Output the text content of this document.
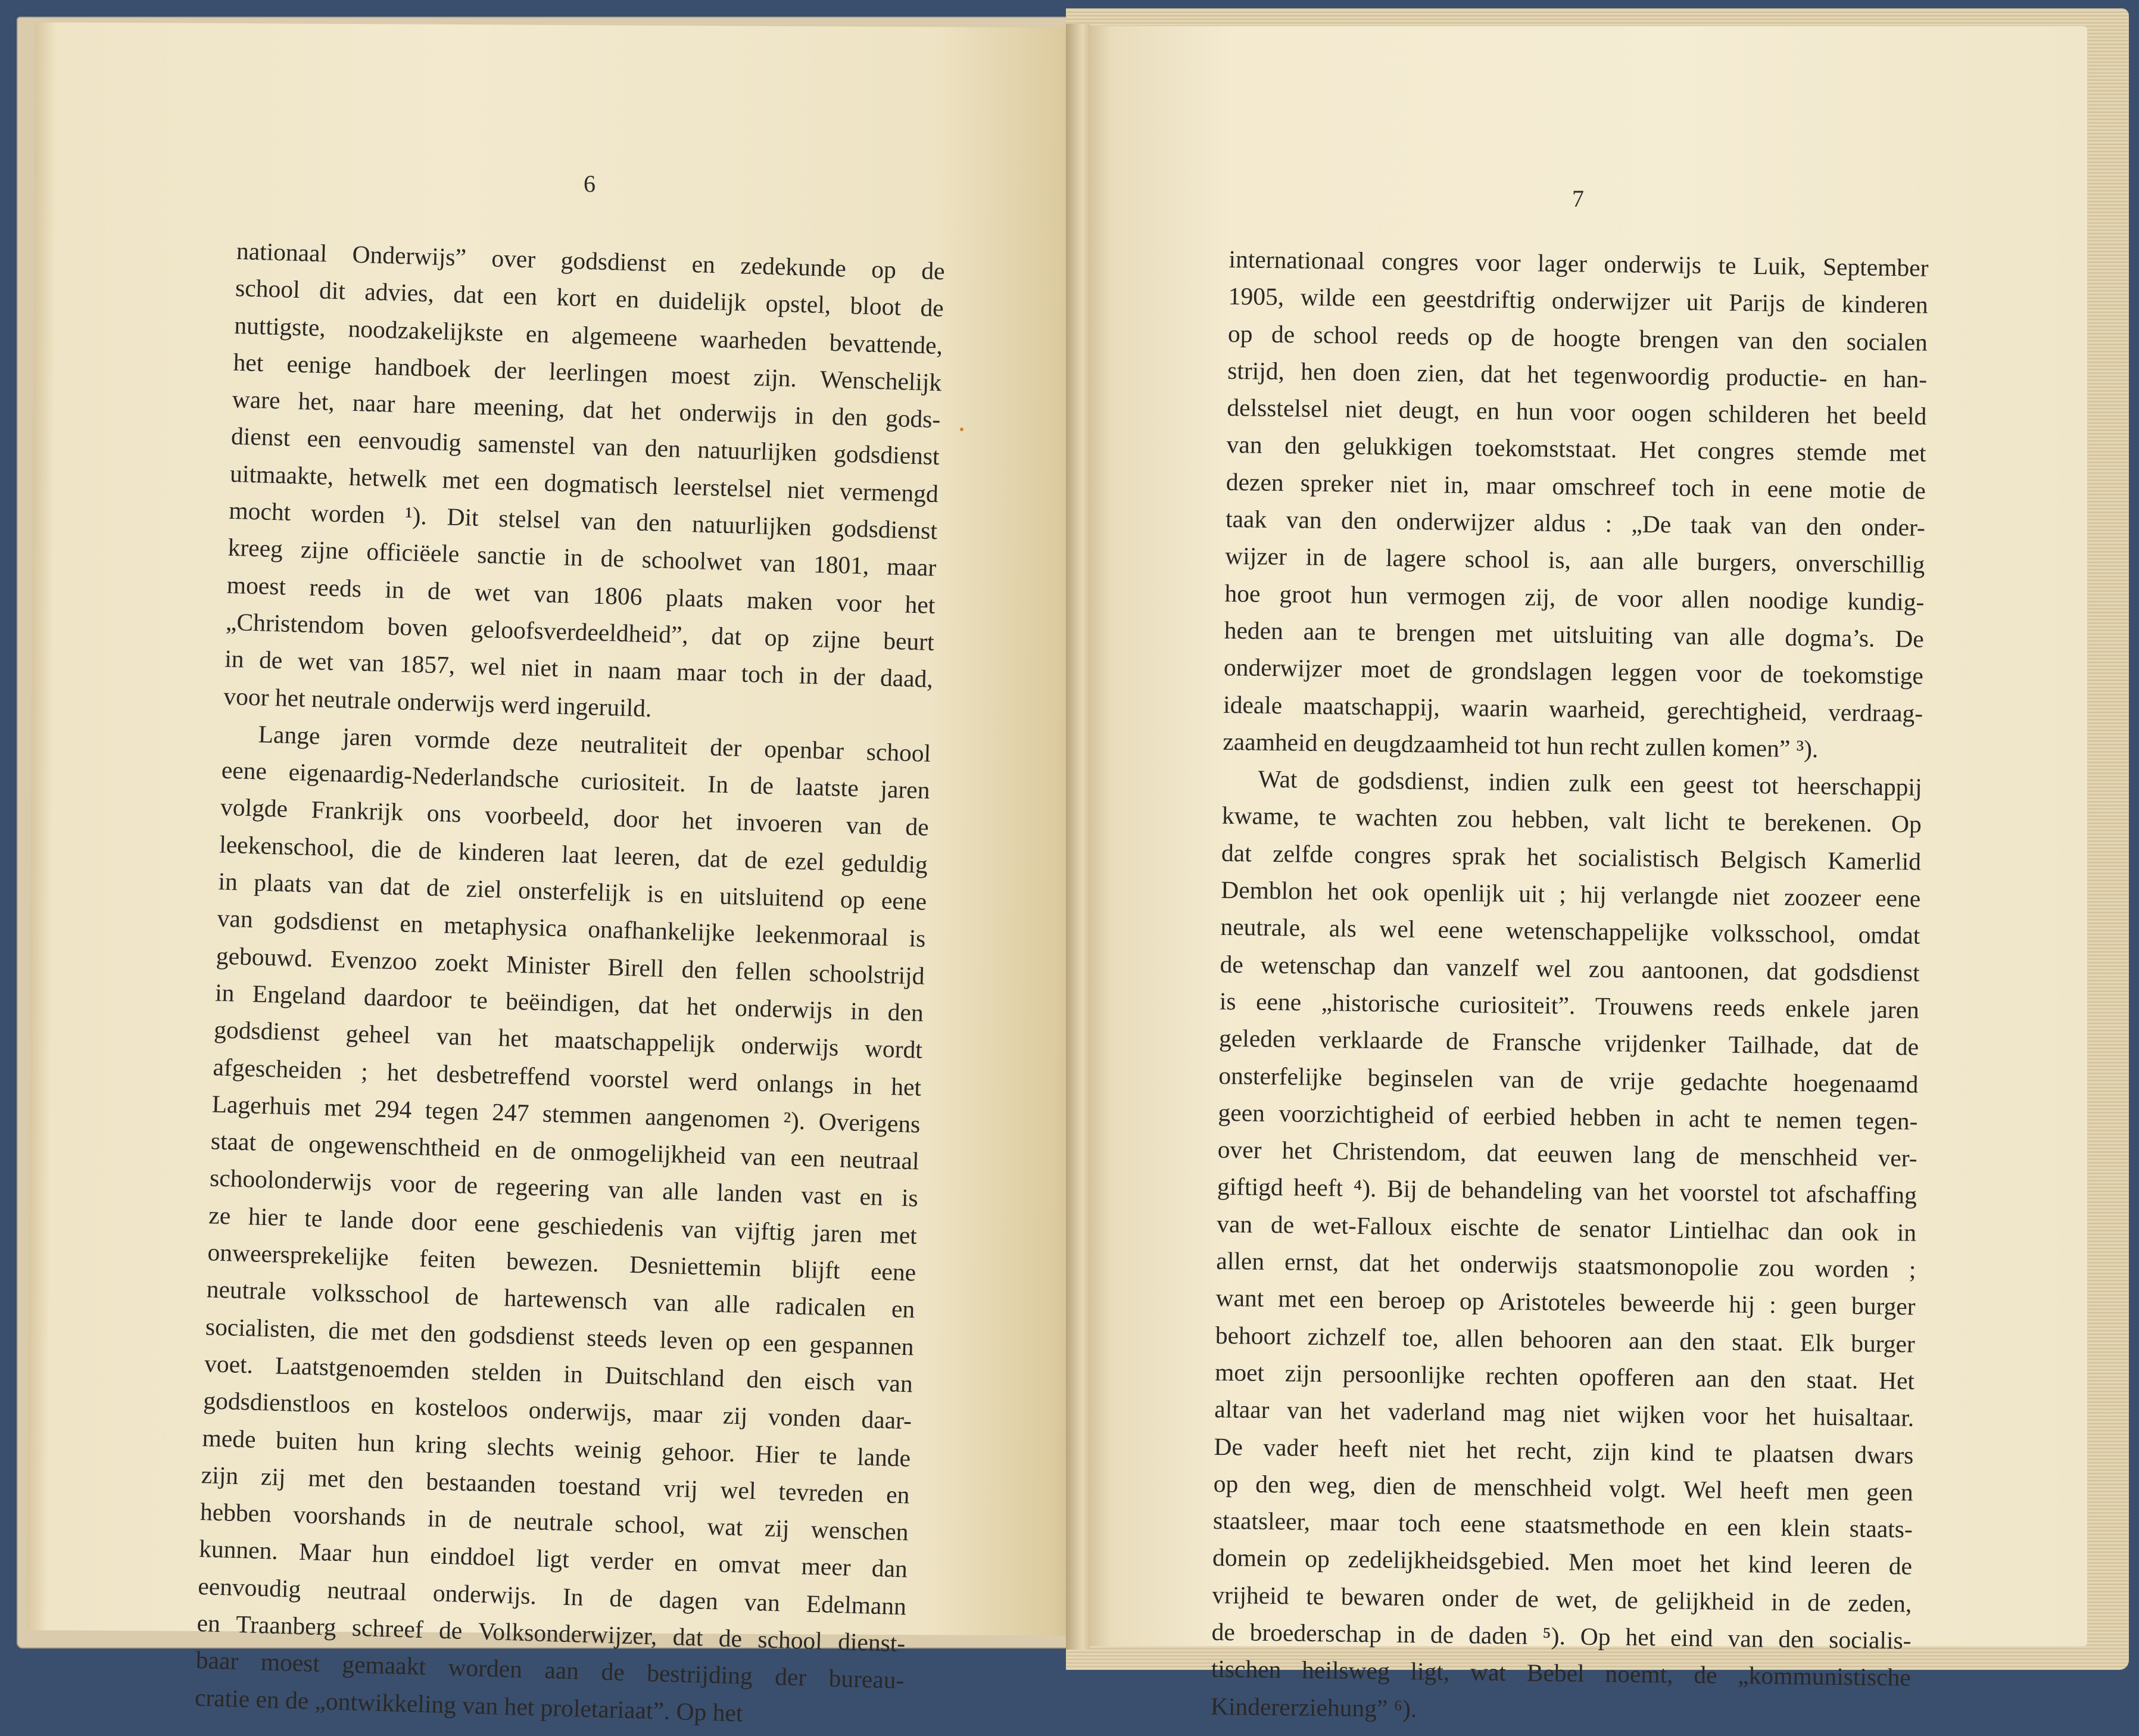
6
7
nationaal Onderwijs” over godsdienst en zedekunde op de
school dit advies, dat een kort en duidelijk opstel, bloot de
nuttigste, noodzakelijkste en algemeene waarheden bevattende,
het eenige handboek der leerlingen moest zijn. Wenschelijk
ware het, naar hare meening, dat het onderwijs in den gods-
dienst een eenvoudig samenstel van den natuurlijken godsdienst
uitmaakte, hetwelk met een dogmatisch leerstelsel niet vermengd
mocht worden ¹). Dit stelsel van den natuurlijken godsdienst
kreeg zijne officiëele sanctie in de schoolwet van 1801, maar
moest reeds in de wet van 1806 plaats maken voor het
„Christendom boven geloofsverdeeldheid”, dat op zijne beurt
in de wet van 1857, wel niet in naam maar toch in der daad,
voor het neutrale onderwijs werd ingeruild.
Lange jaren vormde deze neutraliteit der openbar school
eene eigenaardig-Nederlandsche curiositeit. In de laatste jaren
volgde Frankrijk ons voorbeeld, door het invoeren van de
leekenschool, die de kinderen laat leeren, dat de ezel geduldig
in plaats van dat de ziel onsterfelijk is en uitsluitend op eene
van godsdienst en metaphysica onafhankelijke leekenmoraal is
gebouwd. Evenzoo zoekt Minister Birell den fellen schoolstrijd
in Engeland daardoor te beëindigen, dat het onderwijs in den
godsdienst geheel van het maatschappelijk onderwijs wordt
afgescheiden ; het desbetreffend voorstel werd onlangs in het
Lagerhuis met 294 tegen 247 stemmen aangenomen ²). Overigens
staat de ongewenschtheid en de onmogelijkheid van een neutraal
schoolonderwijs voor de regeering van alle landen vast en is
ze hier te lande door eene geschiedenis van vijftig jaren met
onweersprekelijke feiten bewezen. Desniettemin blijft eene
neutrale volksschool de hartewensch van alle radicalen en
socialisten, die met den godsdienst steeds leven op een gespannen
voet. Laatstgenoemden stelden in Duitschland den eisch van
godsdienstloos en kosteloos onderwijs, maar zij vonden daar-
mede buiten hun kring slechts weinig gehoor. Hier te lande
zijn zij met den bestaanden toestand vrij wel tevreden en
hebben voorshands in de neutrale school, wat zij wenschen
kunnen. Maar hun einddoel ligt verder en omvat meer dan
eenvoudig neutraal onderwijs. In de dagen van Edelmann
en Traanberg schreef de Volksonderwijzer, dat de school dienst-
baar moest gemaakt worden aan de bestrijding der bureau-
cratie en de „ontwikkeling van het proletariaat”. Op het
internationaal congres voor lager onderwijs te Luik, September
1905, wilde een geestdriftig onderwijzer uit Parijs de kinderen
op de school reeds op de hoogte brengen van den socialen
strijd, hen doen zien, dat het tegenwoordig productie- en han-
delsstelsel niet deugt, en hun voor oogen schilderen het beeld
van den gelukkigen toekomststaat. Het congres stemde met
dezen spreker niet in, maar omschreef toch in eene motie de
taak van den onderwijzer aldus : „De taak van den onder-
wijzer in de lagere school is, aan alle burgers, onverschillig
hoe groot hun vermogen zij, de voor allen noodige kundig-
heden aan te brengen met uitsluiting van alle dogma’s. De
onderwijzer moet de grondslagen leggen voor de toekomstige
ideale maatschappij, waarin waarheid, gerechtigheid, verdraag-
zaamheid en deugdzaamheid tot hun recht zullen komen” ³).
Wat de godsdienst, indien zulk een geest tot heerschappij
kwame, te wachten zou hebben, valt licht te berekenen. Op
dat zelfde congres sprak het socialistisch Belgisch Kamerlid
Demblon het ook openlijk uit ; hij verlangde niet zoozeer eene
neutrale, als wel eene wetenschappelijke volksschool, omdat
de wetenschap dan vanzelf wel zou aantoonen, dat godsdienst
is eene „historische curiositeit”. Trouwens reeds enkele jaren
geleden verklaarde de Fransche vrijdenker Tailhade, dat de
onsterfelijke beginselen van de vrije gedachte hoegenaamd
geen voorzichtigheid of eerbied hebben in acht te nemen tegen-
over het Christendom, dat eeuwen lang de menschheid ver-
giftigd heeft ⁴). Bij de behandeling van het voorstel tot afschaffing
van de wet-Falloux eischte de senator Lintielhac dan ook in
allen ernst, dat het onderwijs staatsmonopolie zou worden ;
want met een beroep op Aristoteles beweerde hij : geen burger
behoort zichzelf toe, allen behooren aan den staat. Elk burger
moet zijn persoonlijke rechten opofferen aan den staat. Het
altaar van het vaderland mag niet wijken voor het huisaltaar.
De vader heeft niet het recht, zijn kind te plaatsen dwars
op den weg, dien de menschheid volgt. Wel heeft men geen
staatsleer, maar toch eene staatsmethode en een klein staats-
domein op zedelijkheidsgebied. Men moet het kind leeren de
vrijheid te bewaren onder de wet, de gelijkheid in de zeden,
de broederschap in de daden ⁵). Op het eind van den socialis-
tischen heilsweg ligt, wat Bebel noemt, de „kommunistische
Kindererziehung” ⁶).
